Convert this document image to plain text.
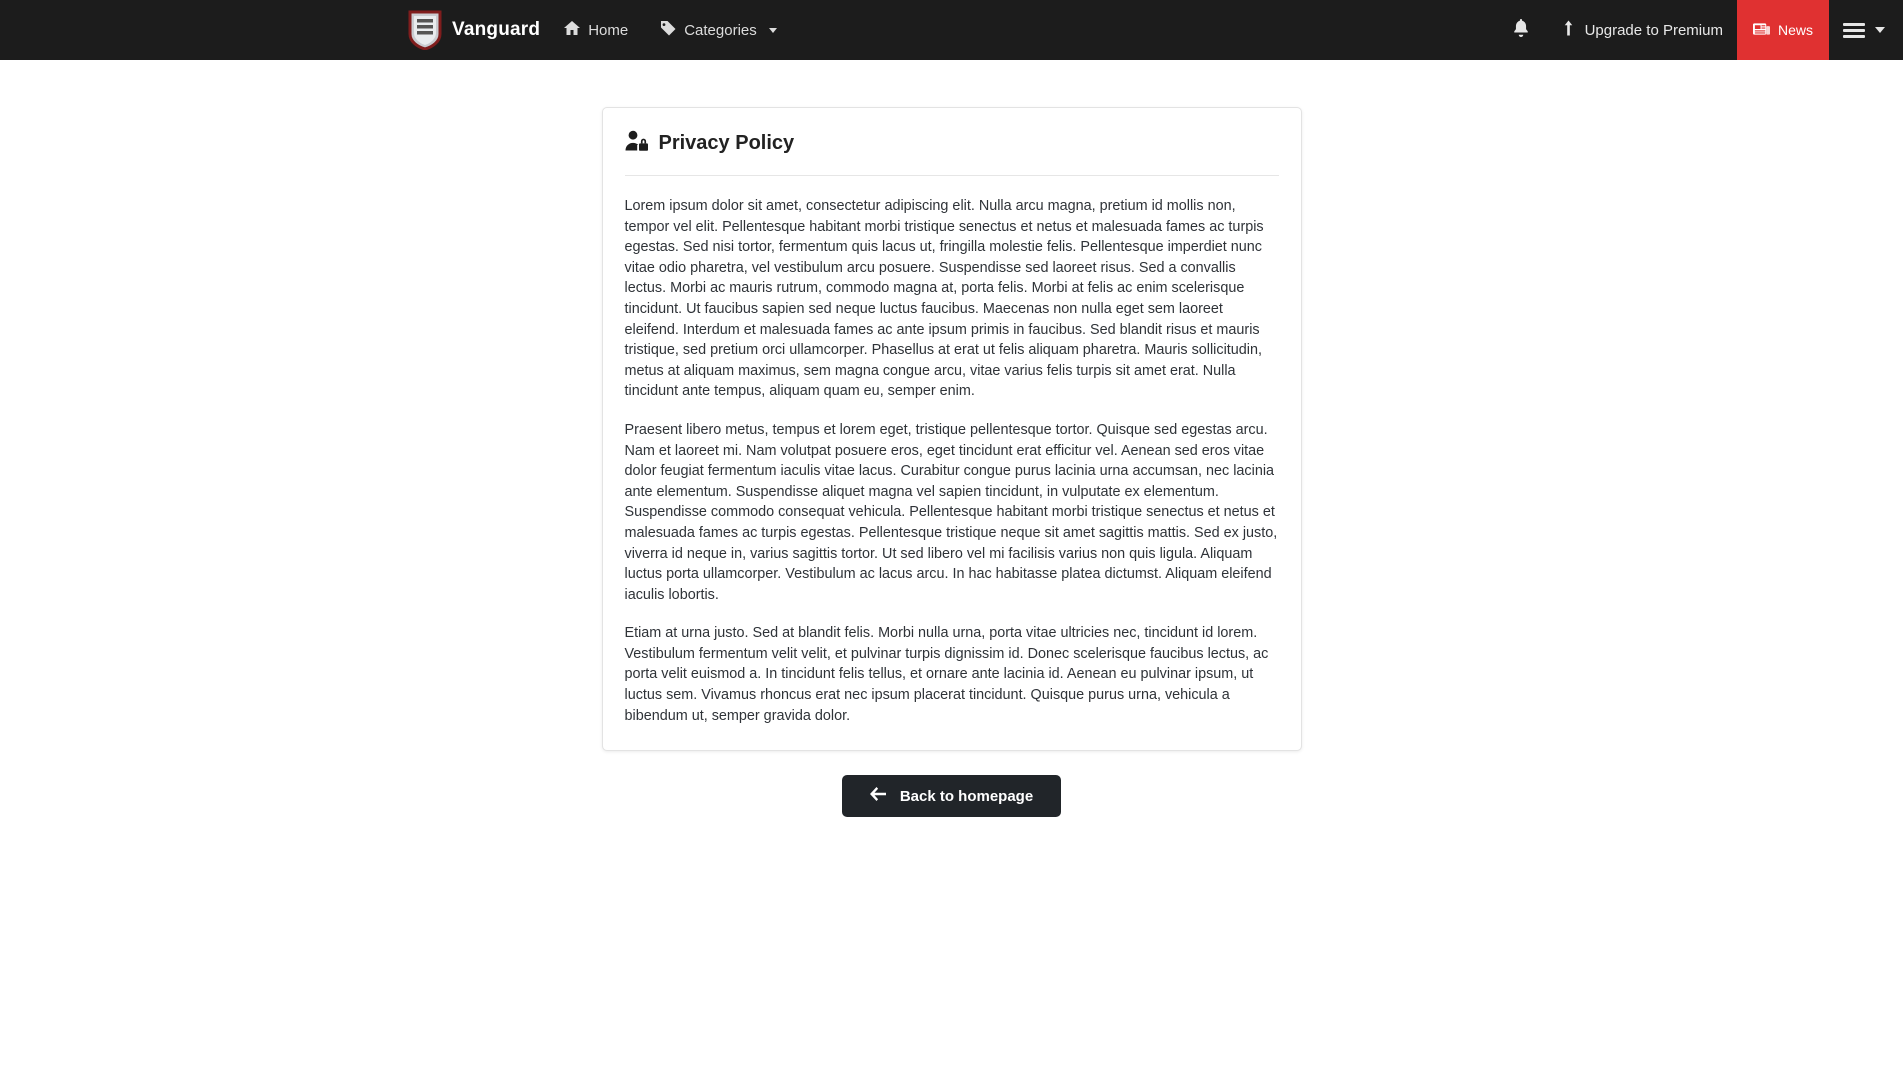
Vanguard	Home	Categories	Upgrade to Premium	News
Privacy Policy

Lorem ipsum dolor sit amet, consectetur adipiscing elit. Nulla arcu magna, pretium id mollis non, tempor vel elit. Pellentesque habitant morbi tristique senectus et netus et malesuada fames ac turpis egestas. Sed nisi tortor, fermentum quis lacus ut, fringilla molestie felis. Pellentesque imperdiet nunc vitae odio pharetra, vel vestibulum arcu posuere. Suspendisse sed laoreet risus. Sed a convallis lectus. Morbi ac mauris rutrum, commodo magna at, porta felis. Morbi at felis ac enim scelerisque tincidunt. Ut faucibus sapien sed neque luctus faucibus. Maecenas non nulla eget sem laoreet eleifend. Interdum et malesuada fames ac ante ipsum primis in faucibus. Sed blandit risus et mauris tristique, sed pretium orci ullamcorper. Phasellus at erat ut felis aliquam pharetra. Mauris sollicitudin, metus at aliquam maximus, sem magna congue arcu, vitae varius felis turpis sit amet erat. Nulla tincidunt ante tempus, aliquam quam eu, semper enim.

Praesent libero metus, tempus et lorem eget, tristique pellentesque tortor. Quisque sed egestas arcu. Nam et laoreet mi. Nam volutpat posuere eros, eget tincidunt erat efficitur vel. Aenean sed eros vitae dolor feugiat fermentum iaculis vitae lacus. Curabitur congue purus lacinia urna accumsan, nec lacinia ante elementum. Suspendisse aliquet magna vel sapien tincidunt, in vulputate ex elementum. Suspendisse commodo consequat vehicula. Pellentesque habitant morbi tristique senectus et netus et malesuada fames ac turpis egestas. Pellentesque tristique neque sit amet sagittis mattis. Sed ex justo, viverra id neque in, varius sagittis tortor. Ut sed libero vel mi facilisis varius non quis ligula. Aliquam luctus porta ullamcorper. Vestibulum ac lacus arcu. In hac habitasse platea dictumst. Aliquam eleifend iaculis lobortis.

Etiam at urna justo. Sed at blandit felis. Morbi nulla urna, porta vitae ultricies nec, tincidunt id lorem. Vestibulum fermentum velit velit, et pulvinar turpis dignissim id. Donec scelerisque faucibus lectus, ac porta velit euismod a. In tincidunt felis tellus, et ornare ante lacinia id. Aenean eu pulvinar ipsum, ut luctus sem. Vivamus rhoncus erat nec ipsum placerat tincidunt. Quisque purus urna, vehicula a bibendum ut, semper gravida dolor.

Back to homepage
